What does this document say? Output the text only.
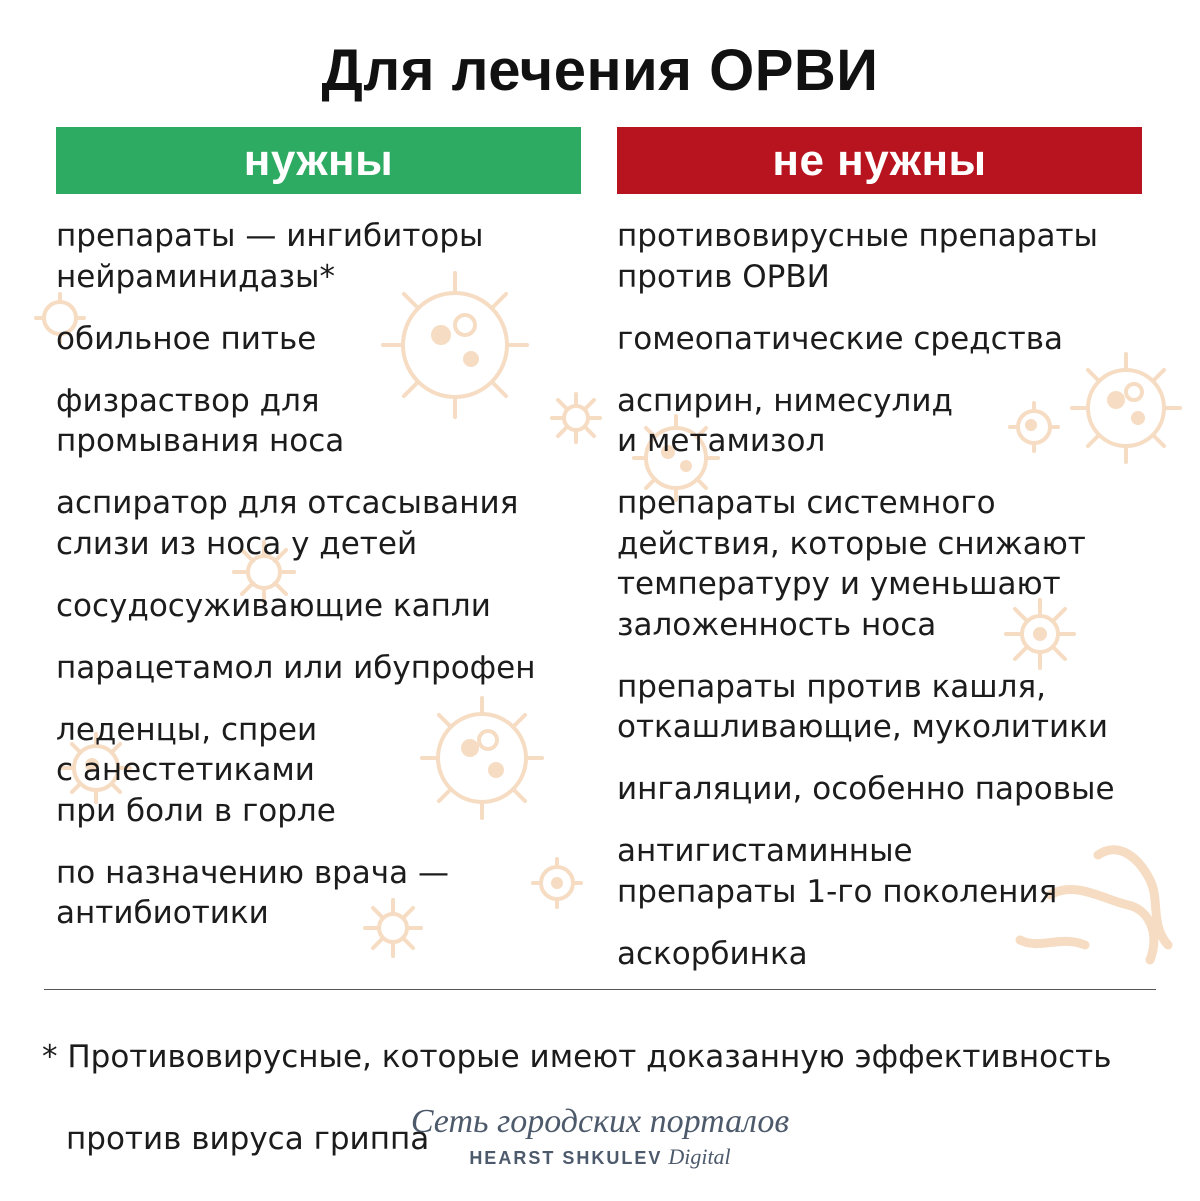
Для лечения ОРВИ
нужны
препараты — ингибиторы
нейраминидазы*
обильное питье
физраствор для
промывания носа
аспиратор для отсасывания
слизи из носа у детей
сосудосуживающие капли
парацетамол или ибупрофен
леденцы, спреи
с анестетиками
при боли в горле
по назначению врача —
антибиотики
не нужны
противовирусные препараты
против ОРВИ
гомеопатические средства
аспирин, нимесулид
и метамизол
препараты системного
действия, которые снижают
температуру и уменьшают
заложенность носа
препараты против кашля,
откашливающие, муколитики
ингаляции, особенно паровые
антигистаминные
препараты 1-го поколения
аскорбинка

* Противовирусные, которые имеют доказанную эффективность

против вируса гриппа

Сеть городских порталов
HEARST SHKULEV Digital
